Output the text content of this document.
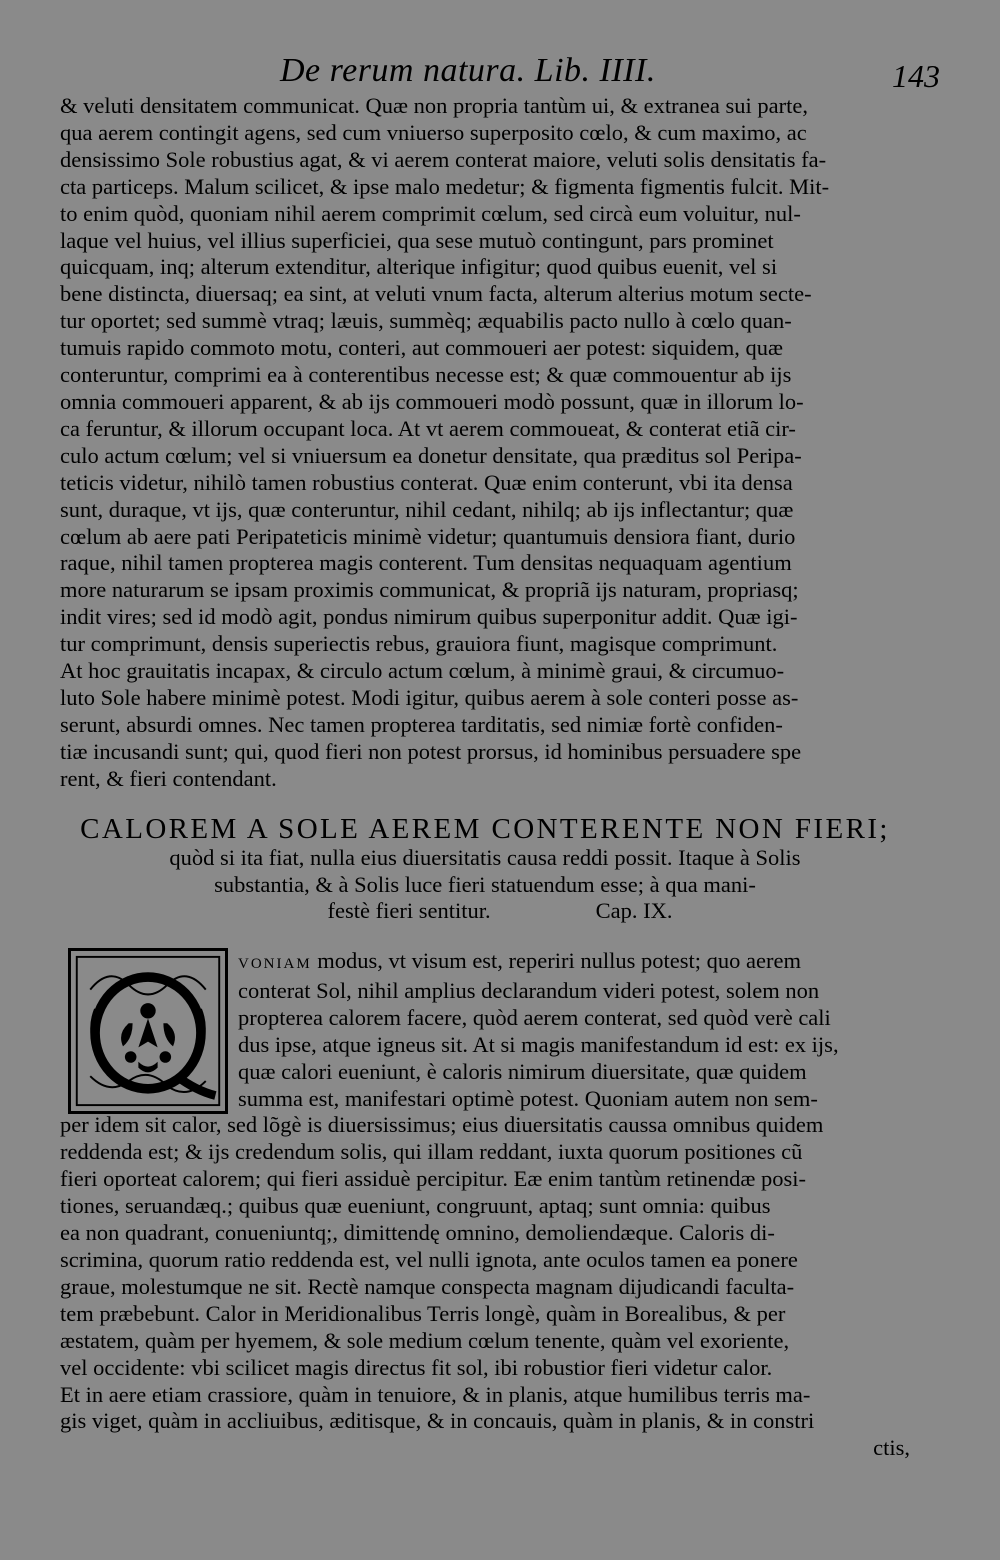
De rerum natura. Lib. IIII.	143
& veluti densitatem communicat. Quæ non propria tantùm ui, & extranea sui parte,
qua aerem contingit agens, sed cum vniuerso superposito cœlo, & cum maximo, ac
densissimo Sole robustius agat, & vi aerem conterat maiore, veluti solis densitatis fa-
cta particeps. Malum scilicet, & ipse malo medetur; & figmenta figmentis fulcit. Mit-
to enim quòd, quoniam nihil aerem comprimit cœlum, sed circà eum voluitur, nul-
laque vel huius, vel illius superficiei, qua sese mutuò contingunt, pars prominet
quicquam, inq; alterum extenditur, alterique infigitur; quod quibus euenit, vel si
bene distincta, diuersaq; ea sint, at veluti vnum facta, alterum alterius motum secte-
tur oportet; sed summè vtraq; læuis, summèq; æquabilis pacto nullo à cœlo quan-
tumuis rapido commoto motu, conteri, aut commoueri aer potest: siquidem, quæ
conteruntur, comprimi ea à conterentibus necesse est; & quæ commouentur ab ijs
omnia commoueri apparent, & ab ijs commoueri modò possunt, quæ in illorum lo-
ca feruntur, & illorum occupant loca. At vt aerem commoueat, & conterat etiã cir-
culo actum cœlum; vel si vniuersum ea donetur densitate, qua præditus sol Peripa-
teticis videtur, nihilò tamen robustius conterat. Quæ enim conterunt, vbi ita densa
sunt, duraque, vt ijs, quæ conteruntur, nihil cedant, nihilq; ab ijs inflectantur; quæ
cœlum ab aere pati Peripateticis minimè videtur; quantumuis densiora fiant, durio
raque, nihil tamen propterea magis conterent. Tum densitas nequaquam agentium
more naturarum se ipsam proximis communicat, & propriã ijs naturam, propriasq;
indit vires; sed id modò agit, pondus nimirum quibus superponitur addit. Quæ igi-
tur comprimunt, densis superiectis rebus, grauiora fiunt, magisque comprimunt.
At hoc grauitatis incapax, & circulo actum cœlum, à minimè graui, & circumuo-
luto Sole habere minimè potest. Modi igitur, quibus aerem à sole conteri posse as-
serunt, absurdi omnes. Nec tamen propterea tarditatis, sed nimiæ fortè confiden-
tiæ incusandi sunt; qui, quod fieri non potest prorsus, id hominibus persuadere spe
rent, & fieri contendant.
CALOREM A SOLE AEREM CONTERENTE NON FIERI;
quòd si ita fiat, nulla eius diuersitatis causa reddi possit. Itaque à Solis
substantia, & à Solis luce fieri statuendum esse; à qua mani-
festè fieri sentitur.	Cap. IX.
Q
VONIAM modus, vt visum est, reperiri nullus potest; quo aerem
conterat Sol, nihil amplius declarandum videri potest, solem non
propterea calorem facere, quòd aerem conterat, sed quòd verè cali
dus ipse, atque igneus sit. At si magis manifestandum id est: ex ijs,
quæ calori eueniunt, è caloris nimirum diuersitate, quæ quidem
summa est, manifestari optimè potest. Quoniam autem non sem-
per idem sit calor, sed lõgè is diuersissimus; eius diuersitatis caussa omnibus quidem
reddenda est; & ijs credendum solis, qui illam reddant, iuxta quorum positiones cũ
fieri oporteat calorem; qui fieri assiduè percipitur. Eæ enim tantùm retinendæ posi-
tiones, seruandæq.; quibus quæ eueniunt, congruunt, aptaq; sunt omnia: quibus
ea non quadrant, conueniuntq;, dimittendę omnino, demoliendæque. Caloris di-
scrimina, quorum ratio reddenda est, vel nulli ignota, ante oculos tamen ea ponere
graue, molestumque ne sit. Rectè namque conspecta magnam dijudicandi faculta-
tem præbebunt. Calor in Meridionalibus Terris longè, quàm in Borealibus, & per
æstatem, quàm per hyemem, & sole medium cœlum tenente, quàm vel exoriente,
vel occidente: vbi scilicet magis directus fit sol, ibi robustior fieri videtur calor.
Et in aere etiam crassiore, quàm in tenuiore, & in planis, atque humilibus terris ma-
gis viget, quàm in accliuibus, æditisque, & in concauis, quàm in planis, & in constri
ctis,
